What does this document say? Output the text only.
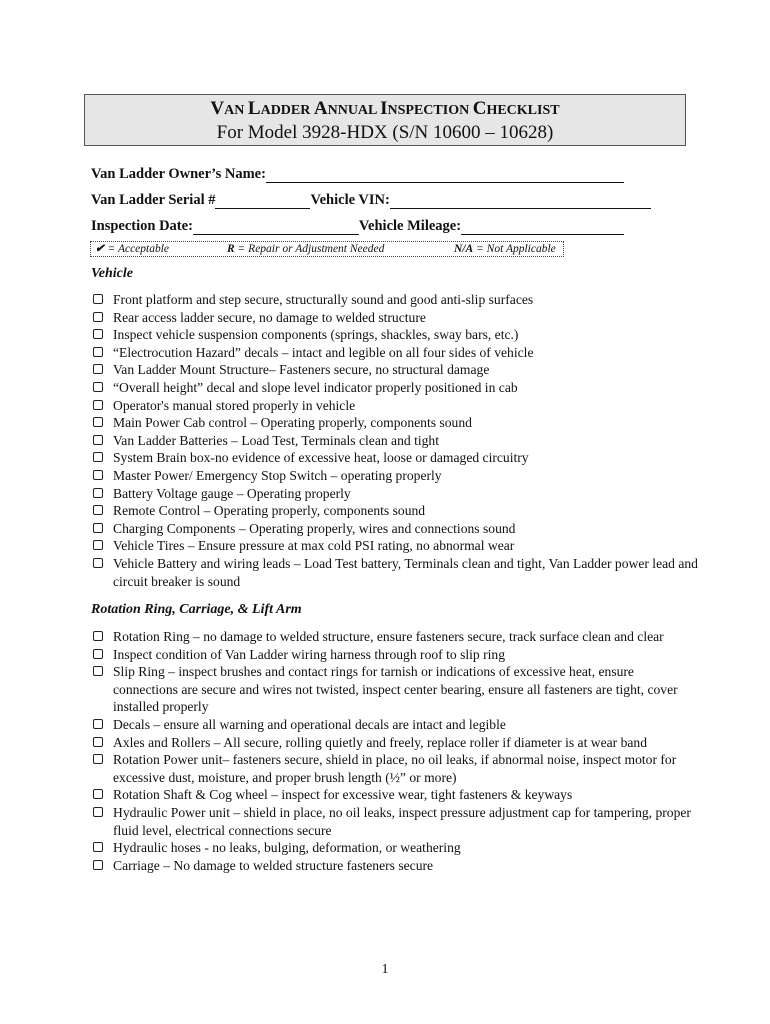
VAN LADDER ANNUAL INSPECTION CHECKLIST
For Model 3928-HDX (S/N 10600 – 10628)
Van Ladder Owner’s Name:
Van Ladder Serial #	Vehicle VIN:
Inspection Date:	Vehicle Mileage:
✔ = Acceptable	R = Repair or Adjustment Needed	N/A = Not Applicable
Vehicle
Front platform and step secure, structurally sound and good anti-slip surfaces
Rear access ladder secure, no damage to welded structure
Inspect vehicle suspension components (springs, shackles, sway bars, etc.)
“Electrocution Hazard” decals – intact and legible on all four sides of vehicle
Van Ladder Mount Structure– Fasteners secure, no structural damage
“Overall height” decal and slope level indicator properly positioned in cab
Operator's manual stored properly in vehicle
Main Power Cab control – Operating properly, components sound
Van Ladder Batteries – Load Test, Terminals clean and tight
System Brain box-no evidence of excessive heat, loose or damaged circuitry
Master Power/ Emergency Stop Switch – operating properly
Battery Voltage gauge – Operating properly
Remote Control – Operating properly, components sound
Charging Components – Operating properly, wires and connections sound
Vehicle Tires – Ensure pressure at max cold PSI rating, no abnormal wear
Vehicle Battery and wiring leads – Load Test battery, Terminals clean and tight, Van Ladder power lead and circuit breaker is sound
Rotation Ring, Carriage, & Lift Arm
Rotation Ring – no damage to welded structure, ensure fasteners secure, track surface clean and clear
Inspect condition of Van Ladder wiring harness through roof to slip ring
Slip Ring – inspect brushes and contact rings for tarnish or indications of excessive heat, ensure connections are secure and wires not twisted, inspect center bearing, ensure all fasteners are tight, cover installed properly
Decals – ensure all warning and operational decals are intact and legible
Axles and Rollers – All secure, rolling quietly and freely, replace roller if diameter is at wear band
Rotation Power unit– fasteners secure, shield in place, no oil leaks, if abnormal noise, inspect motor for excessive dust, moisture, and proper brush length (½” or more)
Rotation Shaft & Cog wheel – inspect for excessive wear, tight fasteners & keyways
Hydraulic Power unit – shield in place, no oil leaks, inspect pressure adjustment cap for tampering, proper fluid level, electrical connections secure
Hydraulic hoses - no leaks, bulging, deformation, or weathering
Carriage – No damage to welded structure fasteners secure
1
